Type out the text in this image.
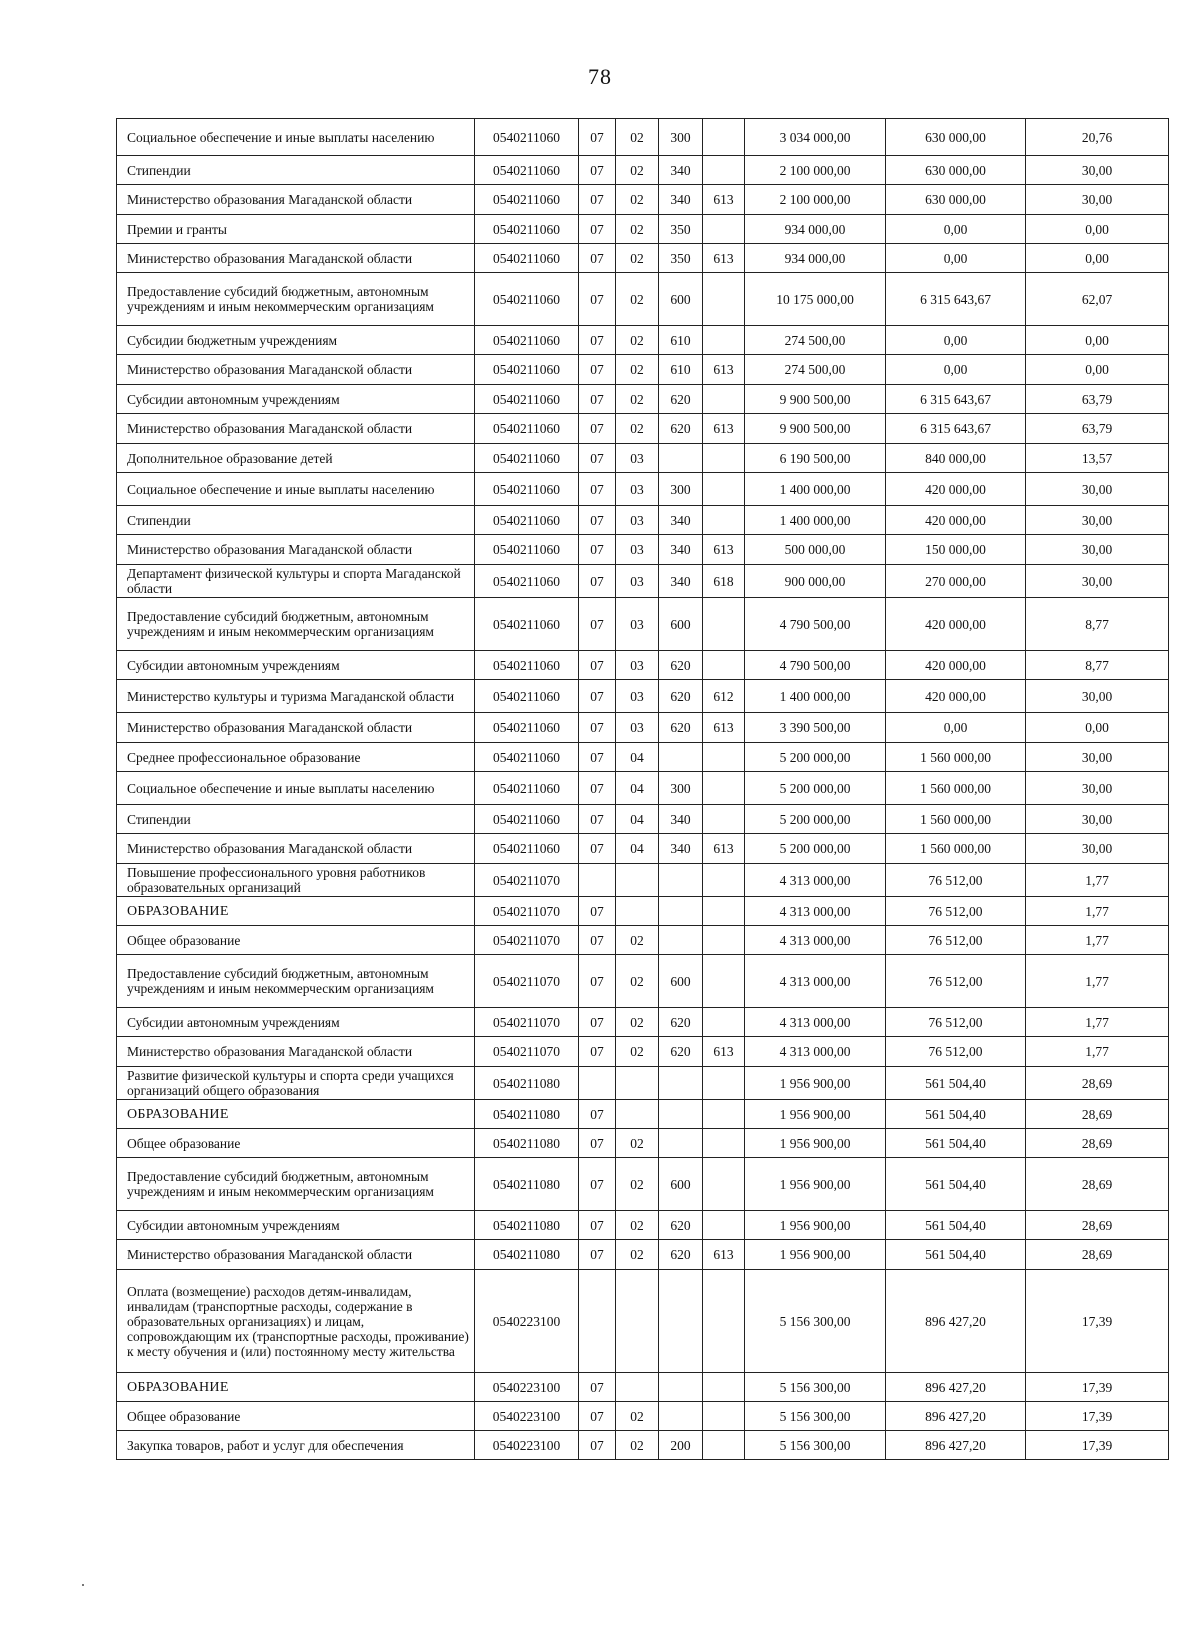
78
Социальное обеспечение и иные выплаты населению	0540211060	07	02	300		3 034 000,00	630 000,00	20,76
Стипендии	0540211060	07	02	340		2 100 000,00	630 000,00	30,00
Министерство образования Магаданской области	0540211060	07	02	340	613	2 100 000,00	630 000,00	30,00
Премии и гранты	0540211060	07	02	350		934 000,00	0,00	0,00
Министерство образования Магаданской области	0540211060	07	02	350	613	934 000,00	0,00	0,00
Предоставление субсидий бюджетным, автономным учреждениям и иным некоммерческим организациям	0540211060	07	02	600		10 175 000,00	6 315 643,67	62,07
Субсидии бюджетным учреждениям	0540211060	07	02	610		274 500,00	0,00	0,00
Министерство образования Магаданской области	0540211060	07	02	610	613	274 500,00	0,00	0,00
Субсидии автономным учреждениям	0540211060	07	02	620		9 900 500,00	6 315 643,67	63,79
Министерство образования Магаданской области	0540211060	07	02	620	613	9 900 500,00	6 315 643,67	63,79
Дополнительное образование детей	0540211060	07	03			6 190 500,00	840 000,00	13,57
Социальное обеспечение и иные выплаты населению	0540211060	07	03	300		1 400 000,00	420 000,00	30,00
Стипендии	0540211060	07	03	340		1 400 000,00	420 000,00	30,00
Министерство образования Магаданской области	0540211060	07	03	340	613	500 000,00	150 000,00	30,00
Департамент физической культуры и спорта Магаданской области	0540211060	07	03	340	618	900 000,00	270 000,00	30,00
Предоставление субсидий бюджетным, автономным учреждениям и иным некоммерческим организациям	0540211060	07	03	600		4 790 500,00	420 000,00	8,77
Субсидии автономным учреждениям	0540211060	07	03	620		4 790 500,00	420 000,00	8,77
Министерство культуры и туризма Магаданской области	0540211060	07	03	620	612	1 400 000,00	420 000,00	30,00
Министерство образования Магаданской области	0540211060	07	03	620	613	3 390 500,00	0,00	0,00
Среднее профессиональное образование	0540211060	07	04			5 200 000,00	1 560 000,00	30,00
Социальное обеспечение и иные выплаты населению	0540211060	07	04	300		5 200 000,00	1 560 000,00	30,00
Стипендии	0540211060	07	04	340		5 200 000,00	1 560 000,00	30,00
Министерство образования Магаданской области	0540211060	07	04	340	613	5 200 000,00	1 560 000,00	30,00
Повышение профессионального уровня работников образовательных организаций	0540211070					4 313 000,00	76 512,00	1,77
ОБРАЗОВАНИЕ	0540211070	07				4 313 000,00	76 512,00	1,77
Общее образование	0540211070	07	02			4 313 000,00	76 512,00	1,77
Предоставление субсидий бюджетным, автономным учреждениям и иным некоммерческим организациям	0540211070	07	02	600		4 313 000,00	76 512,00	1,77
Субсидии автономным учреждениям	0540211070	07	02	620		4 313 000,00	76 512,00	1,77
Министерство образования Магаданской области	0540211070	07	02	620	613	4 313 000,00	76 512,00	1,77
Развитие физической культуры и спорта среди учащихся организаций общего образования	0540211080					1 956 900,00	561 504,40	28,69
ОБРАЗОВАНИЕ	0540211080	07				1 956 900,00	561 504,40	28,69
Общее образование	0540211080	07	02			1 956 900,00	561 504,40	28,69
Предоставление субсидий бюджетным, автономным учреждениям и иным некоммерческим организациям	0540211080	07	02	600		1 956 900,00	561 504,40	28,69
Субсидии автономным учреждениям	0540211080	07	02	620		1 956 900,00	561 504,40	28,69
Министерство образования Магаданской области	0540211080	07	02	620	613	1 956 900,00	561 504,40	28,69
Оплата (возмещение) расходов детям-инвалидам, инвалидам (транспортные расходы, содержание в образовательных организациях) и лицам, сопровождающим их (транспортные расходы, проживание) к месту обучения и (или) постоянному месту жительства	0540223100					5 156 300,00	896 427,20	17,39
ОБРАЗОВАНИЕ	0540223100	07				5 156 300,00	896 427,20	17,39
Общее образование	0540223100	07	02			5 156 300,00	896 427,20	17,39
Закупка товаров, работ и услуг для обеспечения	0540223100	07	02	200		5 156 300,00	896 427,20	17,39
